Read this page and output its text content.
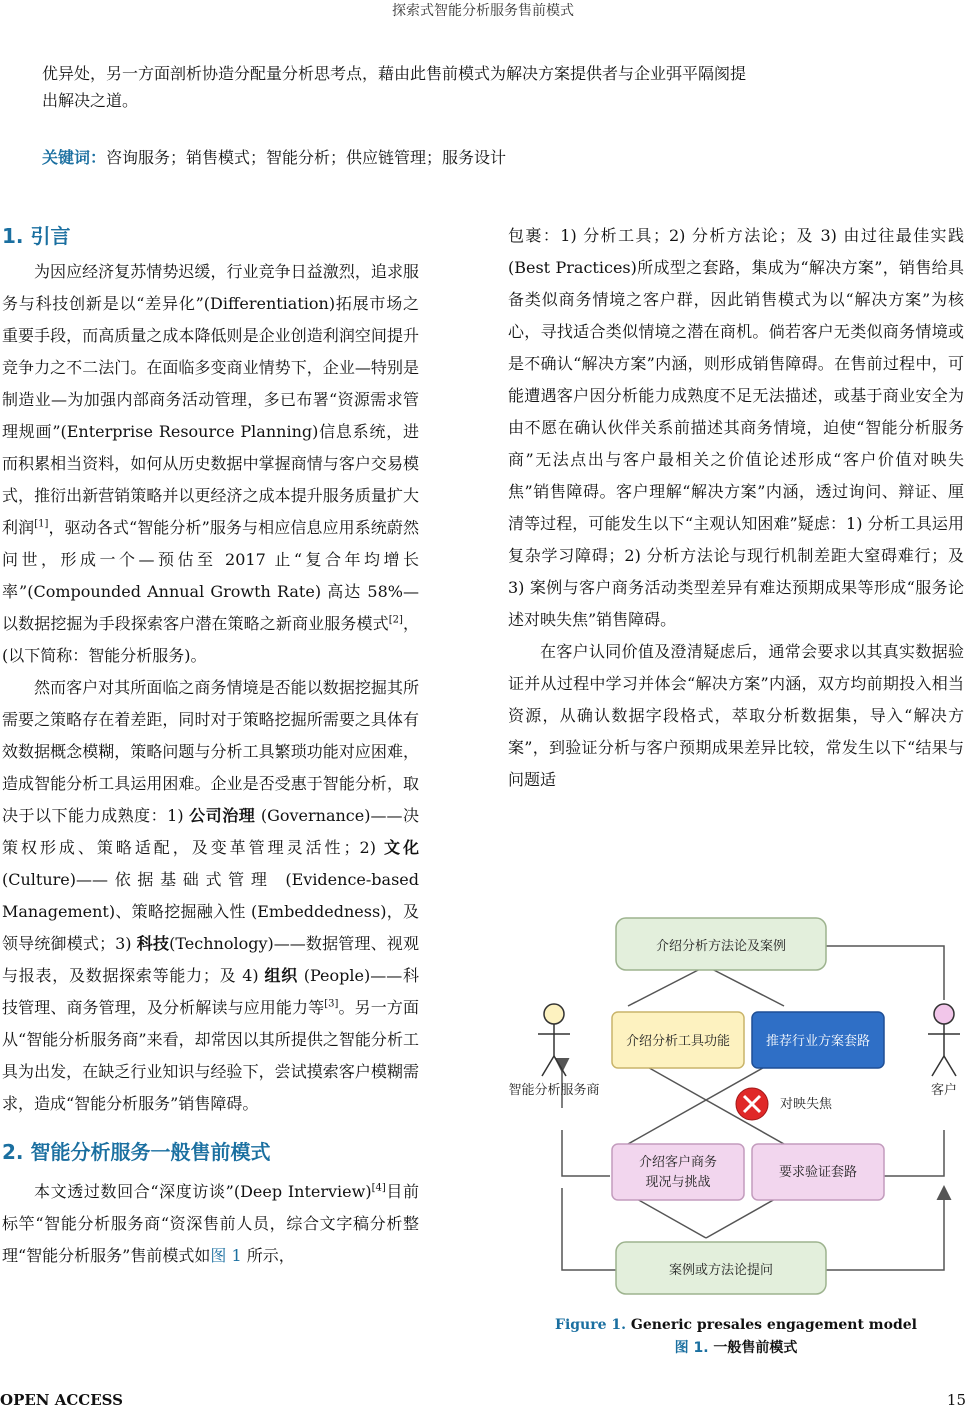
探索式智能分析服务售前模式

优异处，另一方面剖析协造分配量分析思考点，藉由此售前模式为解决方案提供者与企业弭平隔阂提

出解决之道。

关键词：咨询服务；销售模式；智能分析；供应链管理；服务设计
1. 引言

为因应经济复苏情势迟缓，行业竞争日益激烈，追求服务与科技创新是以“差异化”(Differentiation)拓展市场之重要手段，而高质量之成本降低则是企业创造利润空间提升竞争力之不二法门。在面临多变商业情势下，企业—特别是制造业—为加强内部商务活动管理，多已布署“资源需求管理规画”(Enterprise Resource Planning)信息系统，进而积累相当资料，如何从历史数据中掌握商情与客户交易模式，推衍出新营销策略并以更经济之成本提升服务质量扩大利润[1]，驱动各式“智能分析”服务与相应信息应用系统蔚然问世，形成一个—预估至 2017 止“复合年均增长率”(Compounded Annual Growth Rate) 高达 58%—以数据挖掘为手段探索客户潜在策略之新商业服务模式[2]，(以下简称：智能分析服务)。

然而客户对其所面临之商务情境是否能以数据挖掘其所需要之策略存在着差距，同时对于策略挖掘所需要之具体有效数据概念模糊，策略问题与分析工具繁琐功能对应困难，造成智能分析工具运用困难。企业是否受惠于智能分析，取决于以下能力成熟度：1) 公司治理 (Governance)——决策权形成、策略适配，及变革管理灵活性；2) 文化 (Culture)——依据基础式管理 (Evidence-based Management)、策略挖掘融入性 (Embeddedness)，及领导统御模式；3) 科技(Technology)——数据管理、视观与报表，及数据探索等能力；及 4) 组织 (People)——科技管理、商务管理，及分析解读与应用能力等[3]。另一方面从“智能分析服务商”来看，却常因以其所提供之智能分析工具为出发，在缺乏行业知识与经验下，尝试摸索客户模糊需求，造成“智能分析服务”销售障碍。

2. 智能分析服务一般售前模式

本文透过数回合“深度访谈”(Deep Interview)[4]目前标竿“智能分析服务商“资深售前人员，综合文字稿分析整理“智能分析服务”售前模式如图 1 所示，

包裹：1) 分析工具；2) 分析方法论；及 3) 由过往最佳实践(Best Practices)所成型之套路，集成为“解决方案”，销售给具备类似商务情境之客户群，因此销售模式为以“解决方案”为核心，寻找适合类似情境之潜在商机。倘若客户无类似商务情境或是不确认“解决方案”内涵，则形成销售障碍。在售前过程中，可能遭遇客户因分析能力成熟度不足无法描述，或基于商业安全为由不愿在确认伙伴关系前描述其商务情境，迫使“智能分析服务商”无法点出与客户最相关之价值论述形成“客户价值对映失焦”销售障碍。客户理解“解决方案”内涵，透过询问、辩证、厘清等过程，可能发生以下“主观认知困难”疑虑：1) 分析工具运用复杂学习障碍；2) 分析方法论与现行机制差距大窒碍难行；及 3) 案例与客户商务活动类型差异有难达预期成果等形成“服务论述对映失焦”销售障碍。

在客户认同价值及澄清疑虑后，通常会要求以其真实数据验证并从过程中学习并体会“解决方案”内涵，双方均前期投入相当资源，从确认数据字段格式，萃取分析数据集，导入“解决方案”，到验证分析与客户预期成果差异比较，常发生以下“结果与问题适

介绍分析方法论及案例
介绍分析工具功能	推荐行业方案套路
对映失焦
智能分析服务商	客户
介绍客户商务
现况与挑战
要求验证套路
案例或方法论提问
Figure 1. Generic presales engagement model
图 1. 一般售前模式
OPEN ACCESS	15
